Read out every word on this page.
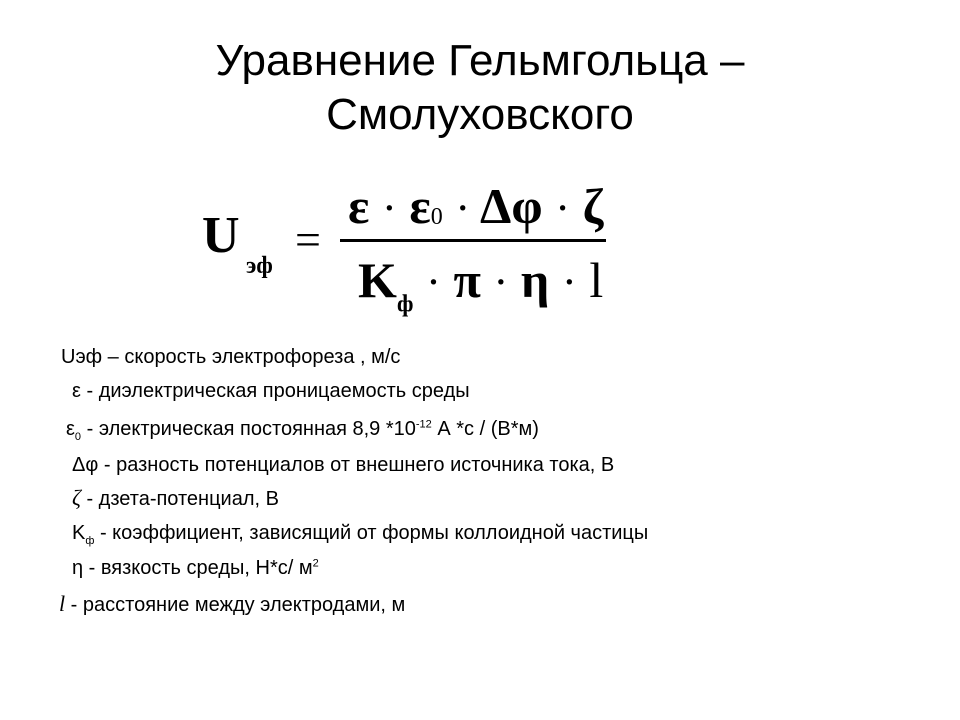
Уравнение Гельмгольца –
Смолуховского
U
эф
=
ε · ε0 · Δφ · ζ
$K_ф \cdot \pi \cdot \eta \cdot l$
Uэф – скорость электрофореза , м/с
ε - диэлектрическая проницаемость среды
$\varepsilon_0$ - электрическая постоянная 8,9 $*10^{-12}$ А *с / (В*м)
Δφ - разность потенциалов от внешнего источника тока, В
ζ - дзета-потенциал, В
$K_ф$ - коэффициент, зависящий от формы коллоидной частицы
η - вязкость среды, Н*с/ $м^2$
l - расстояние между электродами, м
